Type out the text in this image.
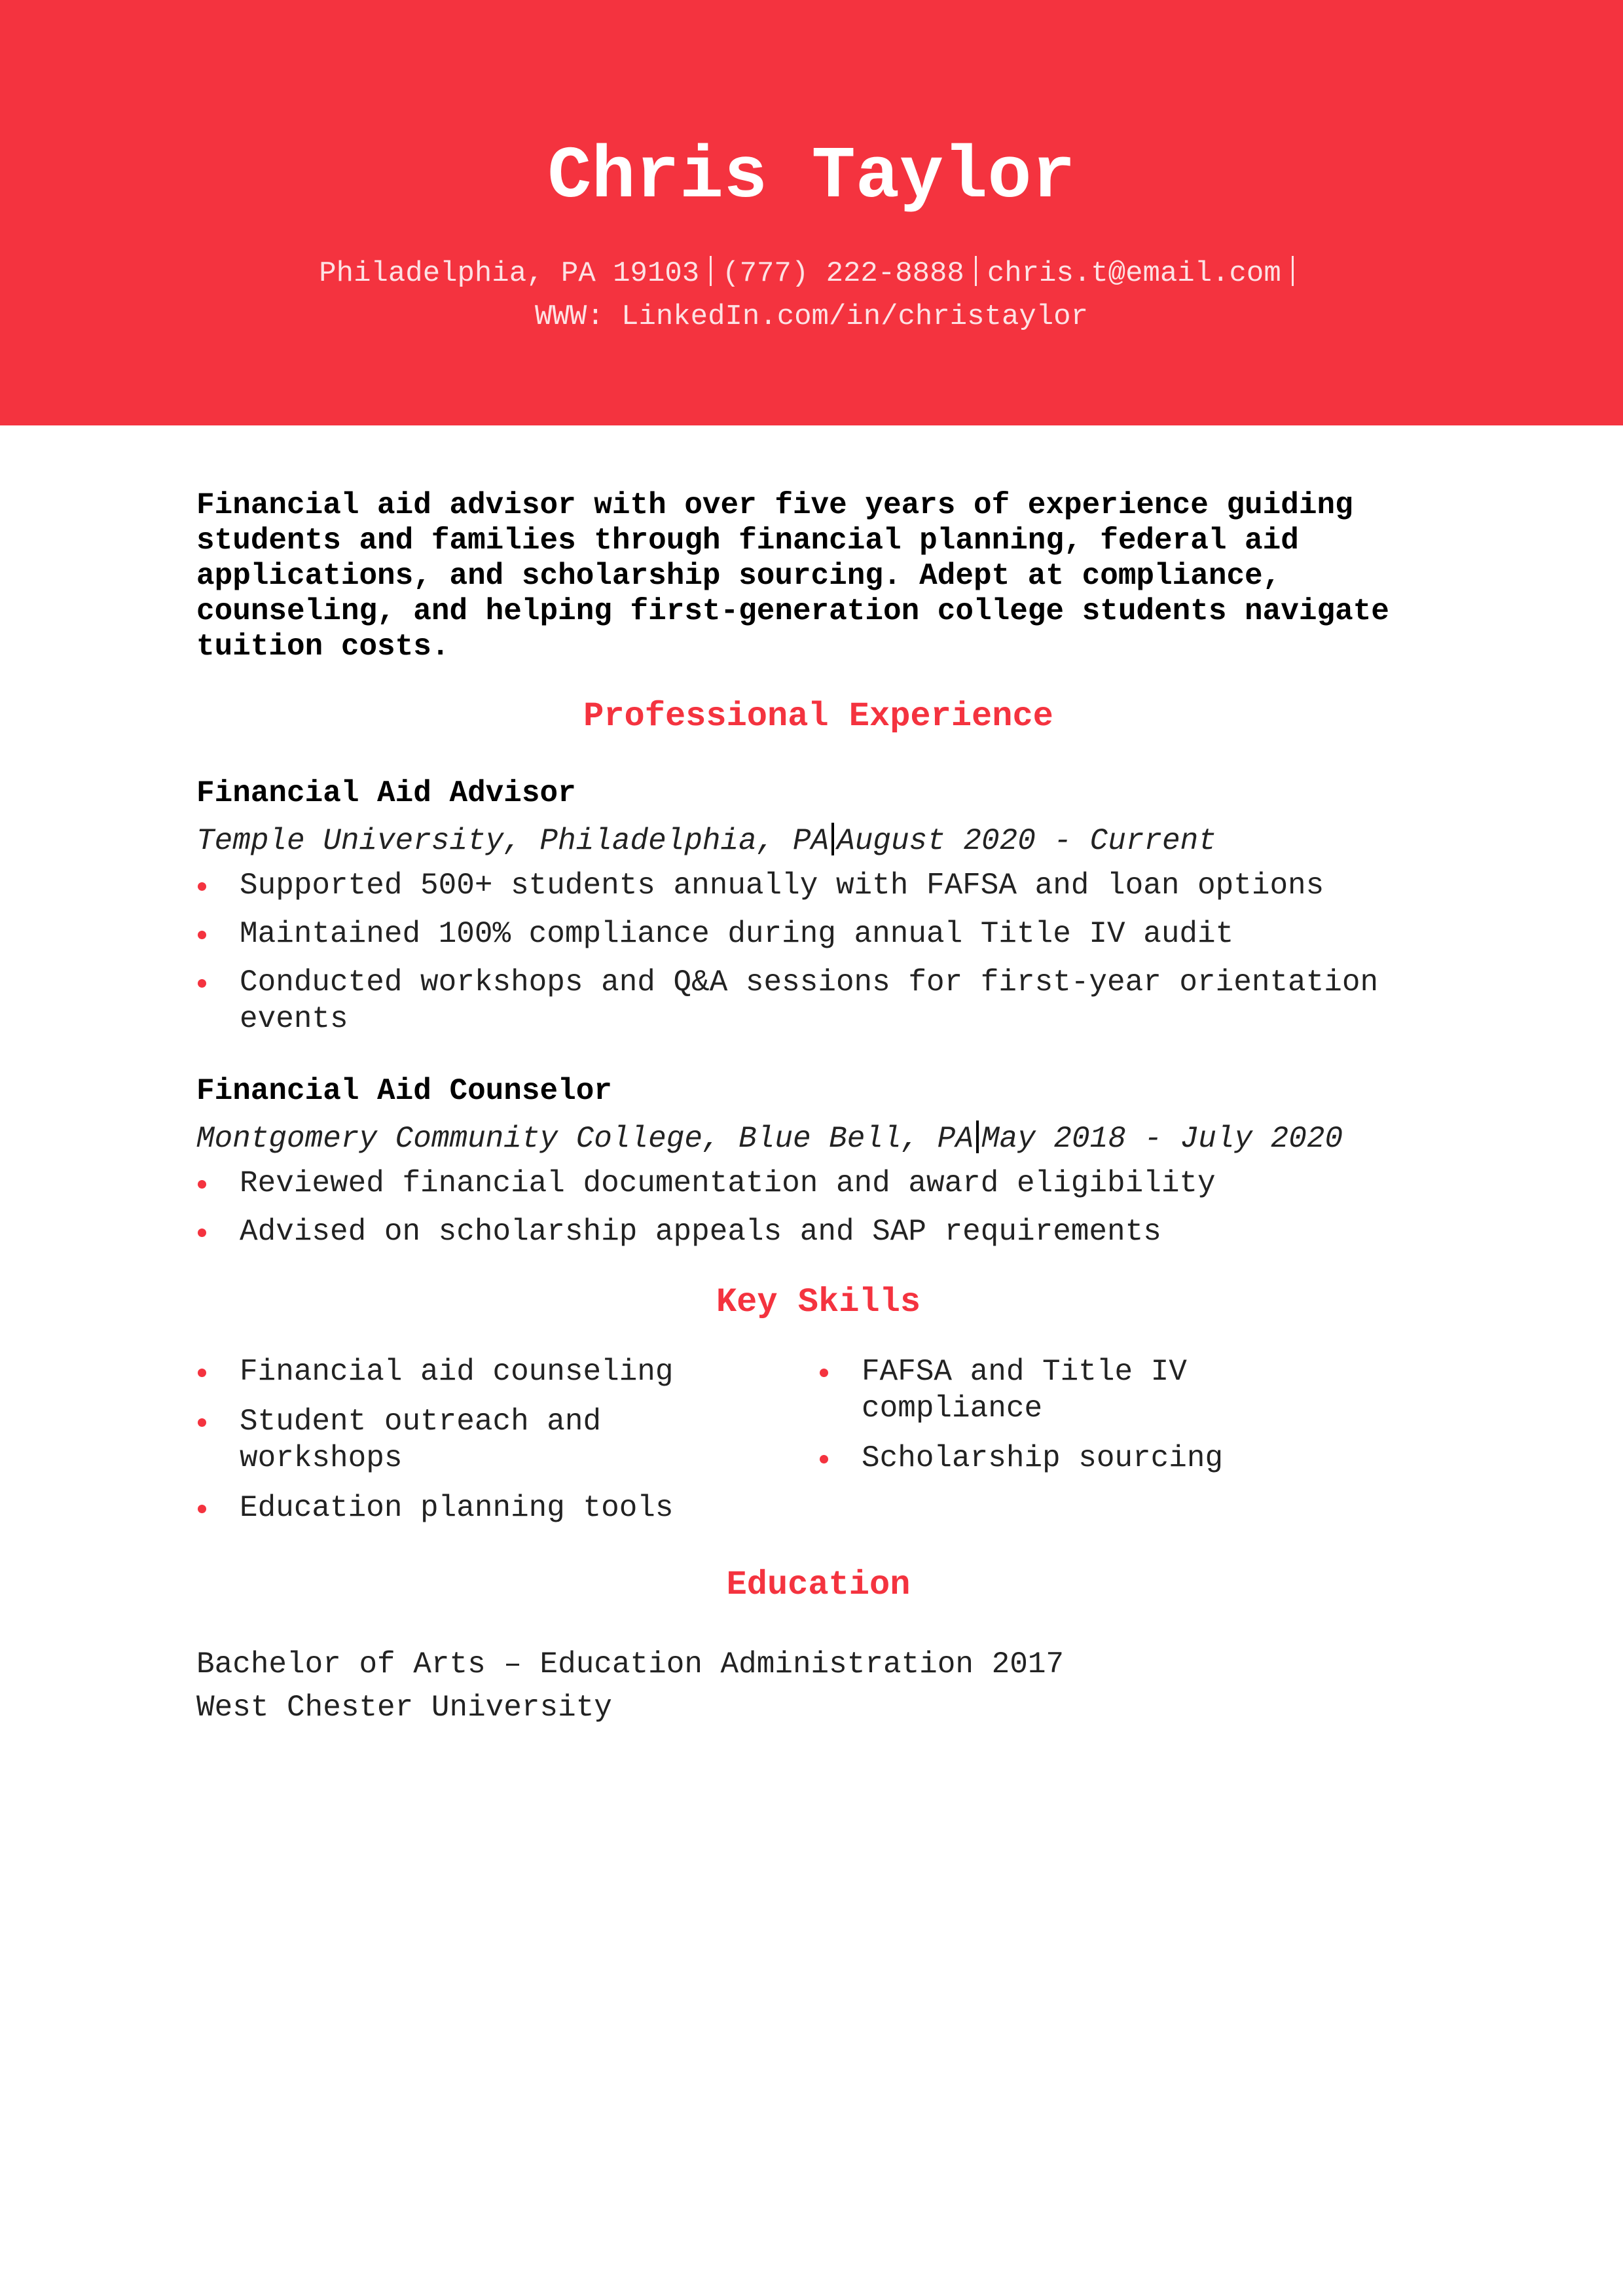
Chris Taylor
Philadelphia, PA 19103 (777) 222-8888 chris.t@email.com
WWW: LinkedIn.com/in/christaylor

Financial aid advisor with over five years of experience guiding students and families through financial planning, federal aid applications, and scholarship sourcing. Adept at compliance, counseling, and helping first-generation college students navigate tuition costs.

Professional Experience
Financial Aid Advisor
Temple University, Philadelphia, PA August 2020 - Current
Supported 500+ students annually with FAFSA and loan options
Maintained 100% compliance during annual Title IV audit
Conducted workshops and Q&A sessions for first-year orientation events
Financial Aid Counselor
Montgomery Community College, Blue Bell, PA May 2018 - July 2020
Reviewed financial documentation and award eligibility
Advised on scholarship appeals and SAP requirements
Key Skills
Financial aid counseling
Student outreach and workshops
Education planning tools
FAFSA and Title IV compliance
Scholarship sourcing
Education
Bachelor of Arts – Education Administration 2017
West Chester University
